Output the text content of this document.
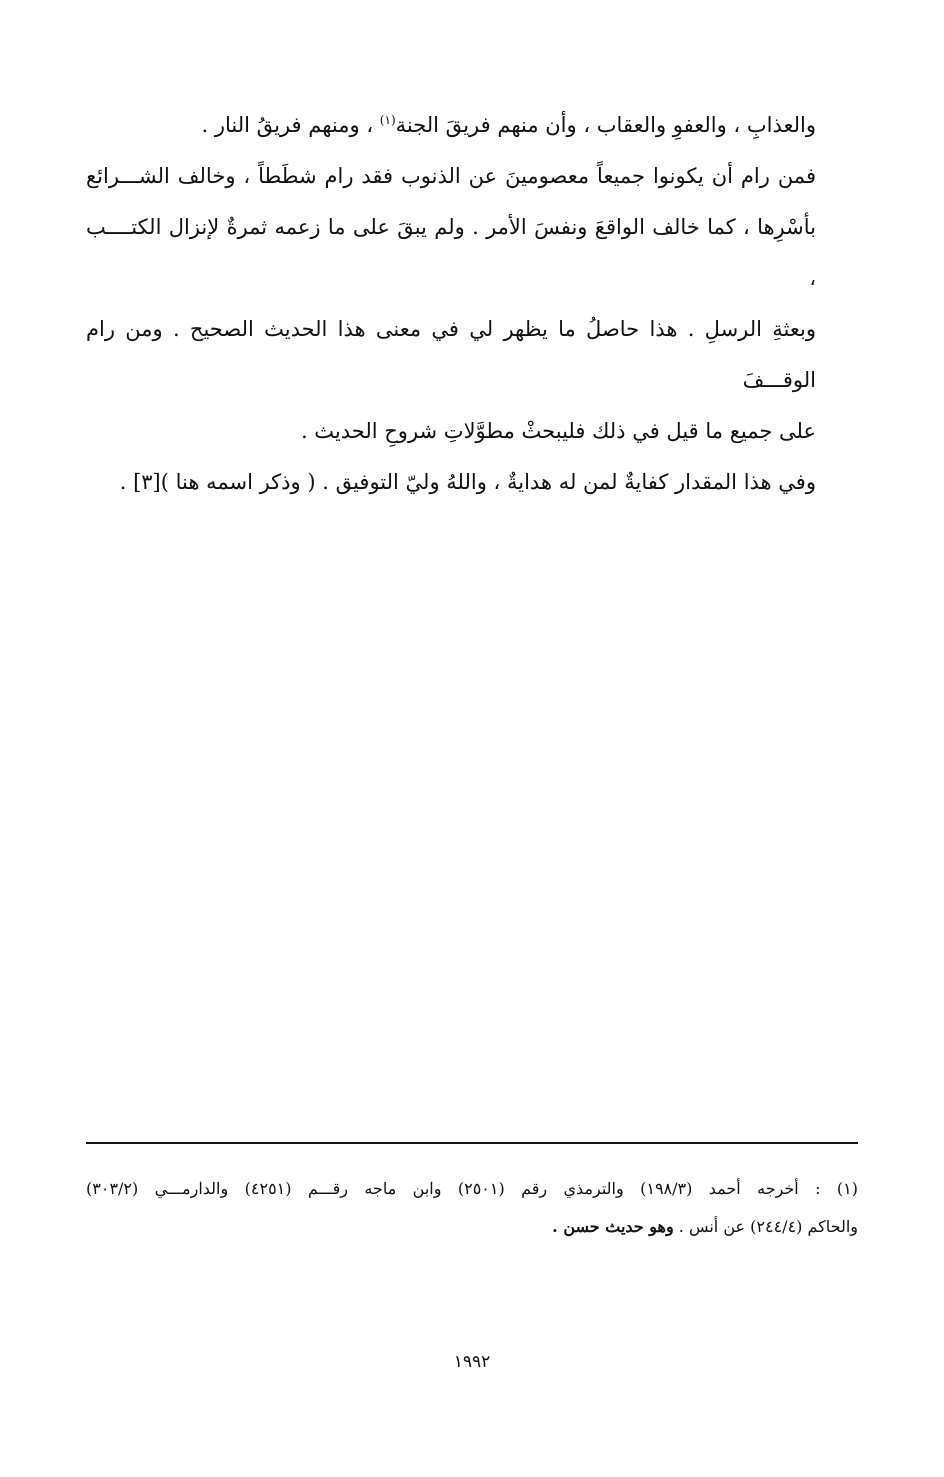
والعذابِ ، والعفوِ والعقاب ، وأن منهم فريقَ الجنة$^{(١)}$ ، ومنهم فريقُ النار .
فمن رام أن يكونوا جميعاً معصومينَ عن الذنوب فقد رام شطَطاً ، وخالف الشـــرائع
بأسْرِها ، كما خالف الواقعَ ونفسَ الأمر . ولم يبقَ على ما زعمه ثمرةٌ لإنزال الكتــــب ،
وبعثةِ الرسلِ . هذا حاصلُ ما يظهر لي في معنى هذا الحديث الصحيح . ومن رام الوقـــفَ
على جميع ما قيل في ذلك فليبحثْ مطوَّلاتِ شروحِ الحديث .
وفي هذا المقدار كفايةٌ لمن له هدايةٌ ، واللهُ وليّ التوفيق . ( وذكر اسمه هنا )[٣] .
(١) : أخرجه أحمد (١٩٨/٣) والترمذي رقم (٢٥٠١) وابن ماجه رقـــم (٤٢٥١) والدارمـــي (٣٠٣/٢)
والحاكم (٢٤٤/٤) عن أنس . وهو حديث حسن .
١٩٩٢
